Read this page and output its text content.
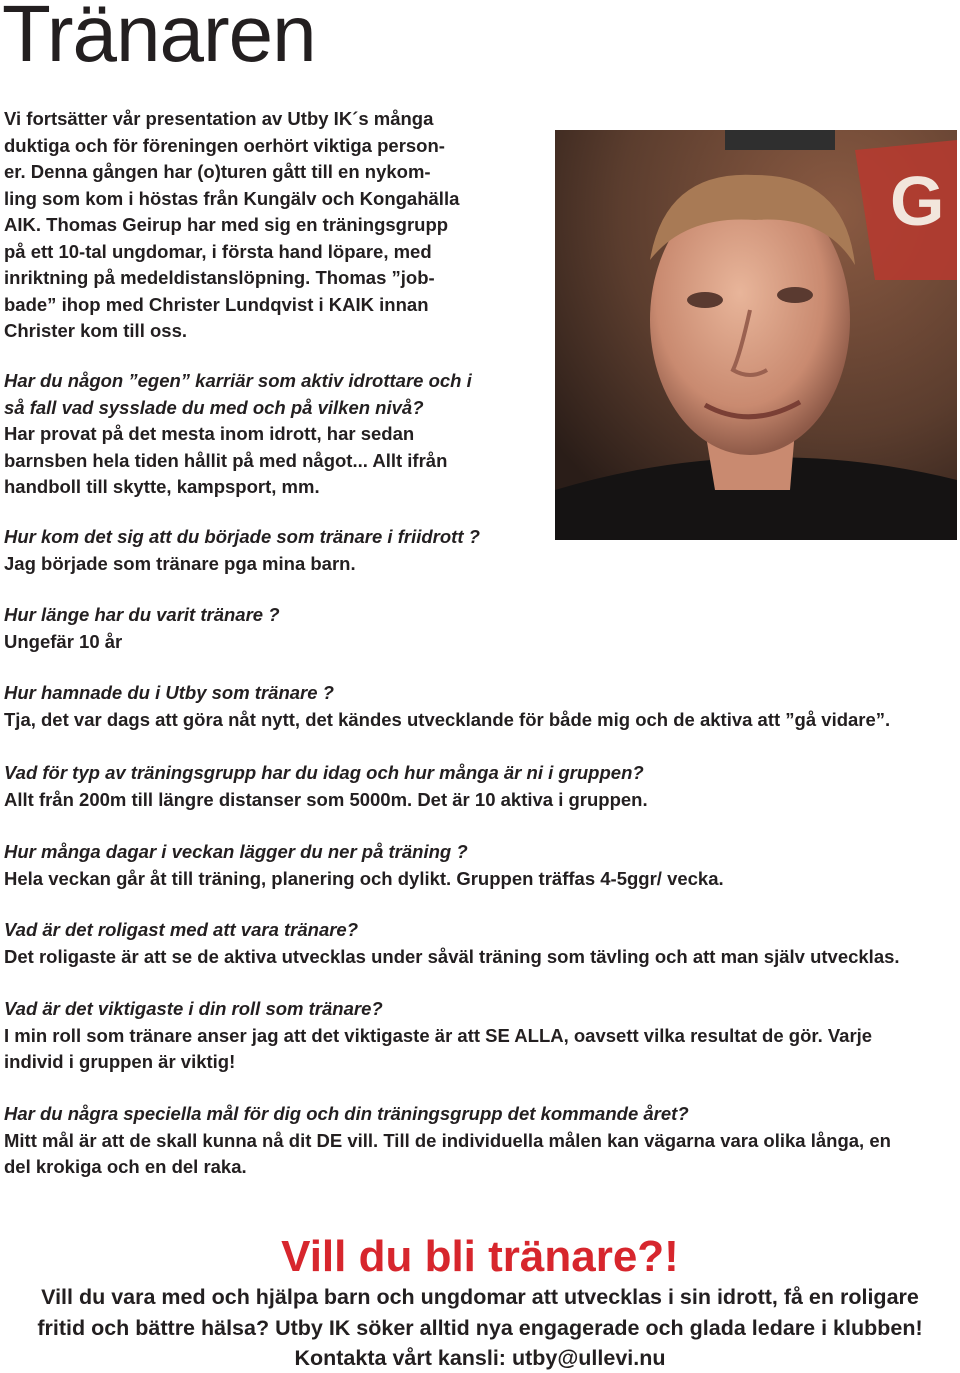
Tränaren

Vi fortsätter vår presentation av Utby IK´s många
duktiga och för föreningen oerhört viktiga person-
er. Denna gången har (o)turen gått till en nykom-
ling som kom i höstas från Kungälv och Kongahälla
AIK. Thomas Geirup har med sig en träningsgrupp
på ett 10-tal ungdomar, i första hand löpare, med
inriktning på medeldistanslöpning. Thomas ”job-
bade” ihop med Christer Lundqvist i KAIK innan
Christer kom till oss.

G
Har du någon ”egen” karriär som aktiv idrottare och i
så fall vad sysslade du med och på vilken nivå?
Har provat på det mesta inom idrott, har sedan
barnsben hela tiden hållit på med något... Allt ifrån
handboll till skytte, kampsport, mm.
Hur kom det sig att du började som tränare i friidrott ?
Jag började som tränare pga mina barn.
Hur länge har du varit tränare ?
Ungefär 10 år
Hur hamnade du i Utby som tränare ?
Tja, det var dags att göra nåt nytt, det kändes utvecklande för både mig och de aktiva att ”gå vidare”.
Vad för typ av träningsgrupp har du idag och hur många är ni i gruppen?
Allt från 200m till längre distanser som 5000m. Det är 10 aktiva i gruppen.
Hur många dagar i veckan lägger du ner på träning ?
Hela veckan går åt till träning, planering och dylikt. Gruppen träffas 4-5ggr/ vecka.
Vad är det roligast med att vara tränare?
Det roligaste är att se de aktiva utvecklas under såväl träning som tävling och att man själv utvecklas.
Vad är det viktigaste i din roll som tränare?
I min roll som tränare anser jag att det viktigaste är att SE ALLA, oavsett vilka resultat de gör. Varje
individ i gruppen är viktig!
Har du några speciella mål för dig och din träningsgrupp det kommande året?
Mitt mål är att de skall kunna nå dit DE vill. Till de individuella målen kan vägarna vara olika långa, en
del krokiga och en del raka.
Vill du bli tränare?!

Vill du vara med och hjälpa barn och ungdomar att utvecklas i sin idrott, få en roligare
fritid och bättre hälsa? Utby IK söker alltid nya engagerade och glada ledare i klubben!

Kontakta vårt kansli: utby@ullevi.nu
